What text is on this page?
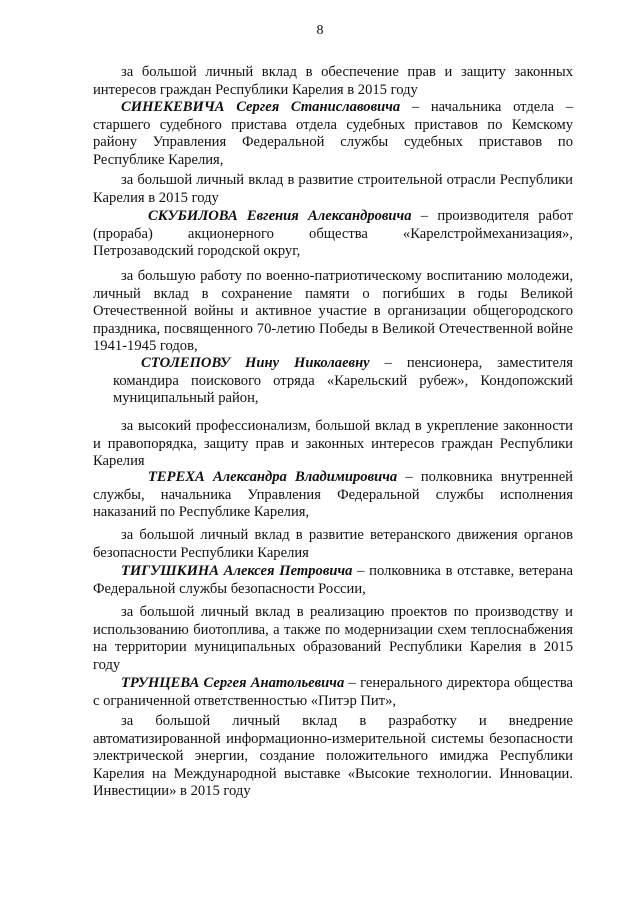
8

за большой личный вклад в обеспечение прав и защиту законных интересов граждан Республики Карелия в 2015 году

СИНЕКЕВИЧА Сергея Станиславовича – начальника отдела – старшего судебного пристава отдела судебных приставов по Кемскому району Управления Федеральной службы судебных приставов по Республике Карелия,

за большой личный вклад в развитие строительной отрасли Республики Карелия в 2015 году

СКУБИЛОВА Евгения Александровича – производителя работ (прораба) акционерного общества «Карелстроймеханизация», Петрозаводский городской округ,

за большую работу по военно-патриотическому воспитанию молодежи, личный вклад в сохранение памяти о погибших в годы Великой Отечественной войны и активное участие в организации общегородского праздника, посвященного 70-летию Победы в Великой Отечественной войне 1941-1945 годов,

СТОЛЕПОВУ Нину Николаевну – пенсионера, заместителя командира поискового отряда «Карельский рубеж», Кондопожский муниципальный район,

за высокий профессионализм, большой вклад в укрепление законности и правопорядка, защиту прав и законных интересов граждан Республики Карелия

ТЕРЕХА Александра Владимировича – полковника внутренней службы, начальника Управления Федеральной службы исполнения наказаний по Республике Карелия,

за большой личный вклад в развитие ветеранского движения органов безопасности Республики Карелия

ТИГУШКИНА Алексея Петровича – полковника в отставке, ветерана Федеральной службы безопасности России,

за большой личный вклад в реализацию проектов по производству и использованию биотоплива, а также по модернизации схем теплоснабжения на территории муниципальных образований Республики Карелия в 2015 году

ТРУНЦЕВА Сергея Анатольевича – генерального директора общества с ограниченной ответственностью «Питэр Пит»,

за большой личный вклад в разработку и внедрение автоматизированной информационно-измерительной системы безопасности электрической энергии, создание положительного имиджа Республики Карелия на Международной выставке «Высокие технологии. Инновации. Инвестиции» в 2015 году
